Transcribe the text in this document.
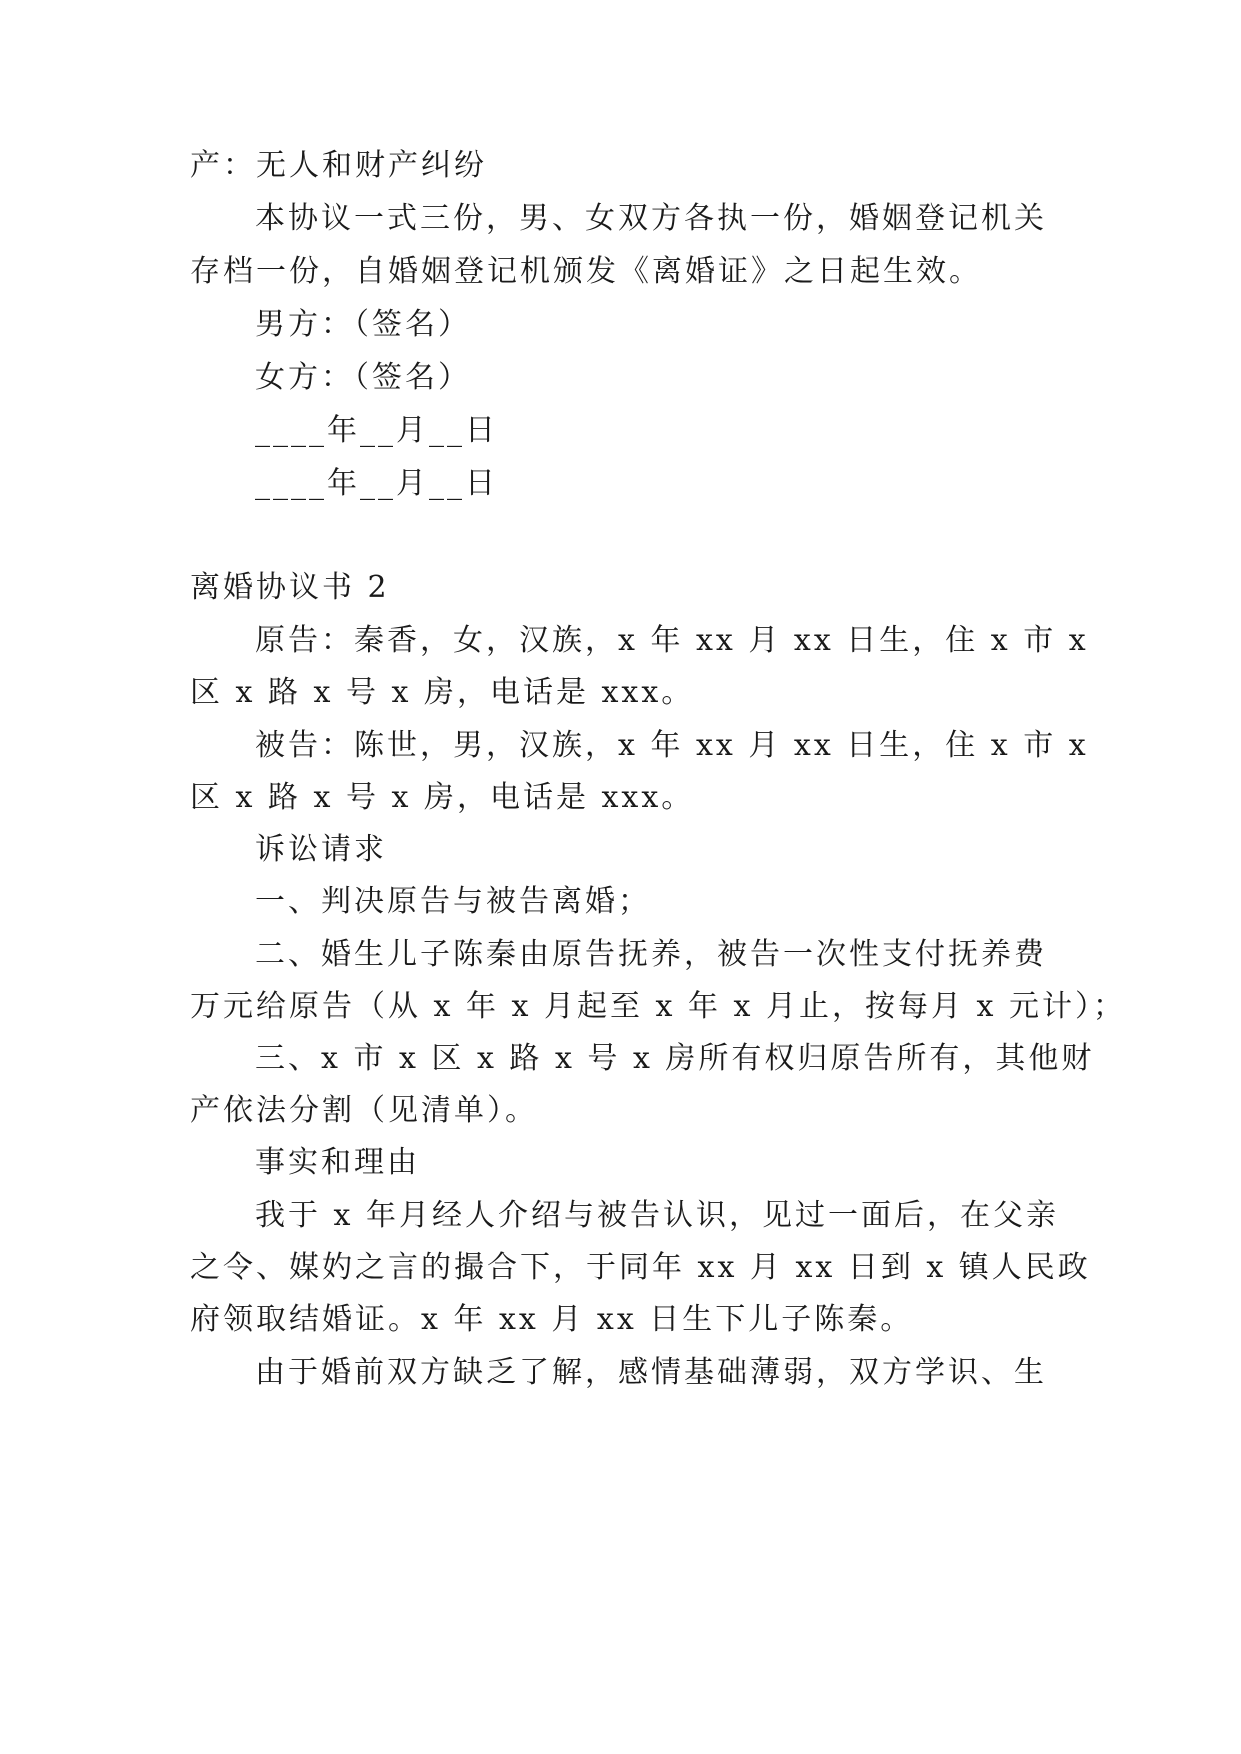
产：无人和财产纠纷
本协议一式三份，男、女双方各执一份，婚姻登记机关
存档一份，自婚姻登记机颁发《离婚证》之日起生效。
男方：（签名）
女方：（签名）
____年__月__日
____年__月__日
离婚协议书 2
原告：秦香，女，汉族，x 年 xx 月 xx 日生，住 x 市 x
区 x 路 x 号 x 房，电话是 xxx。
被告：陈世，男，汉族，x 年 xx 月 xx 日生，住 x 市 x
区 x 路 x 号 x 房，电话是 xxx。
诉讼请求
一、判决原告与被告离婚；
二、婚生儿子陈秦由原告抚养，被告一次性支付抚养费
万元给原告（从 x 年 x 月起至 x 年 x 月止，按每月 x 元计）；
三、x 市 x 区 x 路 x 号 x 房所有权归原告所有，其他财
产依法分割（见清单）。
事实和理由
我于 x 年月经人介绍与被告认识，见过一面后，在父亲
之令、媒妁之言的撮合下，于同年 xx 月 xx 日到 x 镇人民政
府领取结婚证。x 年 xx 月 xx 日生下儿子陈秦。
由于婚前双方缺乏了解，感情基础薄弱，双方学识、生
